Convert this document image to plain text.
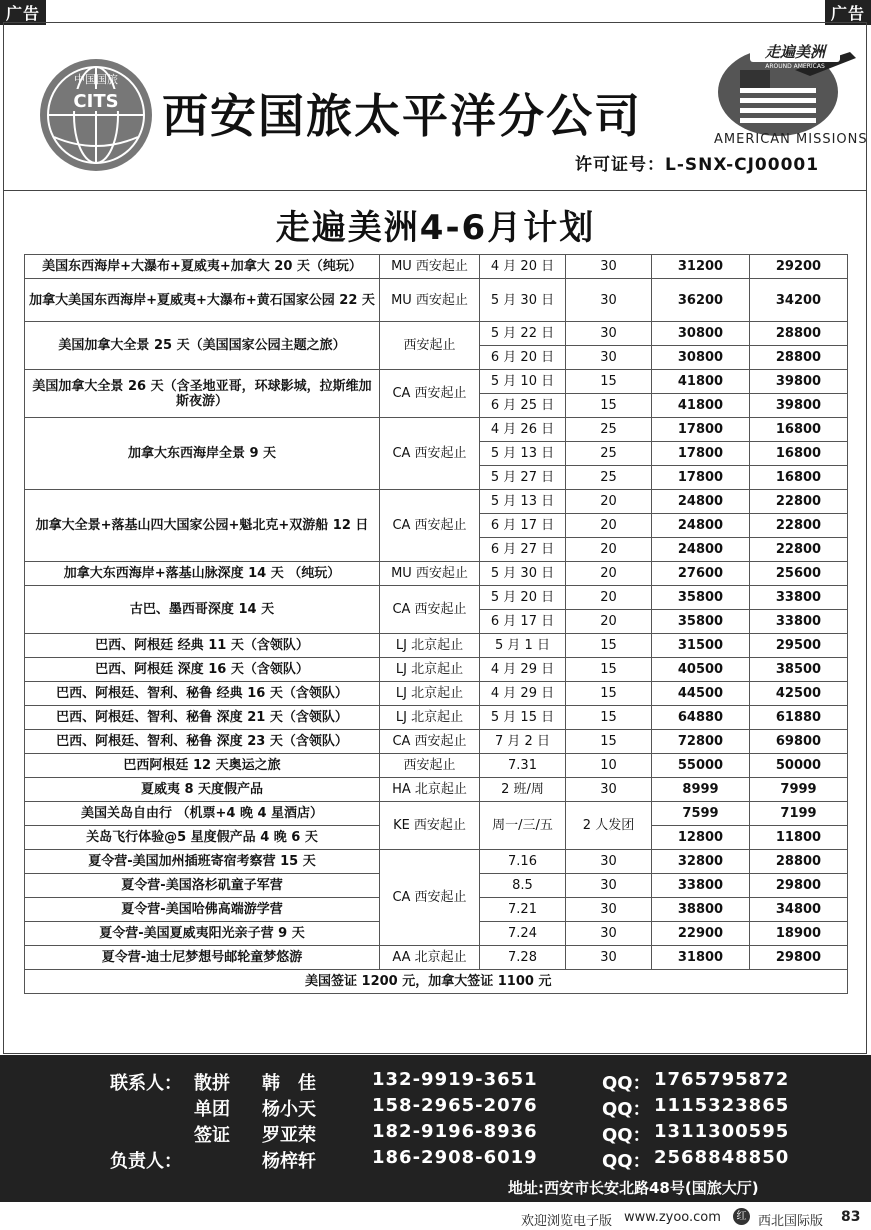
广告	广告
CITS
中国国旅
西安国旅太平洋分公司
走遍美洲
AROUND AMERICAS
AMERICAN MISSIONS
许可证号：L-SNX-CJ00001
走遍美洲4-6月计划
美国东西海岸+大瀑布+夏威夷+加拿大 20 天（纯玩）	MU 西安起止	4 月 20 日	30	31200	29200
加拿大美国东西海岸+夏威夷+大瀑布+黄石国家公园 22 天	MU 西安起止	5 月 30 日	30	36200	34200
美国加拿大全景 25 天（美国国家公园主题之旅）	西安起止	5 月 22 日	30	30800	28800
		6 月 20 日	30	30800	28800
美国加拿大全景 26 天（含圣地亚哥，环球影城，拉斯维加斯夜游）	CA 西安起止	5 月 10 日	15	41800	39800
		6 月 25 日	15	41800	39800
加拿大东西海岸全景 9 天	CA 西安起止	4 月 26 日	25	17800	16800
		5 月 13 日	25	17800	16800
		5 月 27 日	25	17800	16800
加拿大全景+落基山四大国家公园+魁北克+双游船 12 日	CA 西安起止	5 月 13 日	20	24800	22800
		6 月 17 日	20	24800	22800
		6 月 27 日	20	24800	22800
加拿大东西海岸+落基山脉深度 14 天 （纯玩）	MU 西安起止	5 月 30 日	20	27600	25600
古巴、墨西哥深度 14 天	CA 西安起止	5 月 20 日	20	35800	33800
		6 月 17 日	20	35800	33800
巴西、阿根廷 经典 11 天（含领队）	LJ 北京起止	5 月 1 日	15	31500	29500
巴西、阿根廷 深度 16 天（含领队）	LJ 北京起止	4 月 29 日	15	40500	38500
巴西、阿根廷、智利、秘鲁 经典 16 天（含领队）	LJ 北京起止	4 月 29 日	15	44500	42500
巴西、阿根廷、智利、秘鲁 深度 21 天（含领队）	LJ 北京起止	5 月 15 日	15	64880	61880
巴西、阿根廷、智利、秘鲁 深度 23 天（含领队）	CA 西安起止	7 月 2 日	15	72800	69800
巴西阿根廷 12 天奥运之旅	西安起止	7.31	10	55000	50000
夏威夷 8 天度假产品	HA 北京起止	2 班/周	30	8999	7999
美国关岛自由行 （机票+4 晚 4 星酒店）	KE 西安起止	周一/三/五	2 人发团	7599	7199
关岛飞行体验@5 星度假产品 4 晚 6 天				12800	11800
夏令营-美国加州插班寄宿考察营 15 天	CA 西安起止	7.16	30	32800	28800
夏令营-美国洛杉矶童子军营		8.5	30	33800	29800
夏令营-美国哈佛高端游学营		7.21	30	38800	34800
夏令营-美国夏威夷阳光亲子营 9 天		7.24	30	22900	18900
夏令营-迪士尼梦想号邮轮童梦悠游	AA 北京起止	7.28	30	31800	29800
美国签证 1200 元，加拿大签证 1100 元					
联系人： 散拼 韩　佳	132-9919-3651	QQ： 1765795872
单团 杨小天	158-2965-2076	QQ： 1115323865
签证 罗亚荣	182-9196-8936	QQ： 1311300595
负责人：	杨梓轩	186-2908-6019	QQ： 2568848850
地址:西安市长安北路48号(国旅大厅)
欢迎浏览电子版 www.zyoo.com	红 西北国际版 83
